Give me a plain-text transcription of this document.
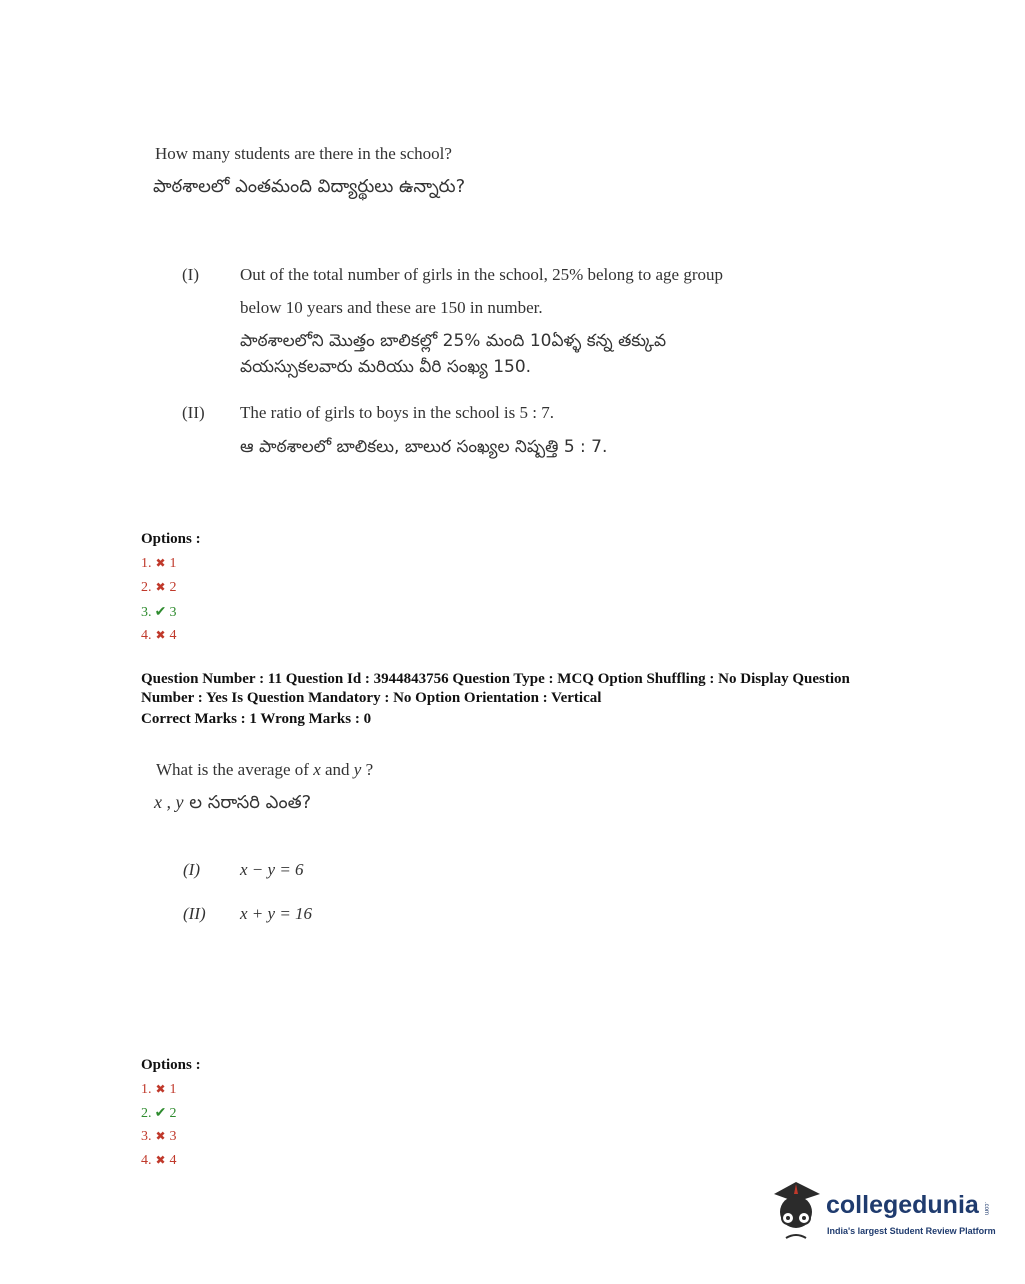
How many students are there in the school?
పాఠశాలలో ఎంతమంది విద్యార్థులు ఉన్నారు?
(I) Out of the total number of girls in the school, 25% belong to age group
below 10 years and these are 150 in number.
పాఠశాలలోని మొత్తం బాలికల్లో 25% మంది 10ఏళ్ళ కన్న తక్కువ
వయస్సుకలవారు మరియు వీరి సంఖ్య 150.
(II) The ratio of girls to boys in the school is 5 : 7.
ఆ పాఠశాలలో బాలికలు, బాలుర సంఖ్యల నిష్పత్తి 5 : 7.
Options :
1. ✖ 1
2. ✖ 2
3. ✔ 3
4. ✖ 4
Question Number : 11 Question Id : 3944843756 Question Type : MCQ Option Shuffling : No Display Question
Number : Yes Is Question Mandatory : No Option Orientation : Vertical
Correct Marks : 1 Wrong Marks : 0
What is the average of x and y ?
x , y ల సరాసరి ఎంత?
(I) x − y = 6
(II) x + y = 16
Options :
1. ✖ 1
2. ✔ 2
3. ✖ 3
4. ✖ 4
collegedunia .com
India's largest Student Review Platform
